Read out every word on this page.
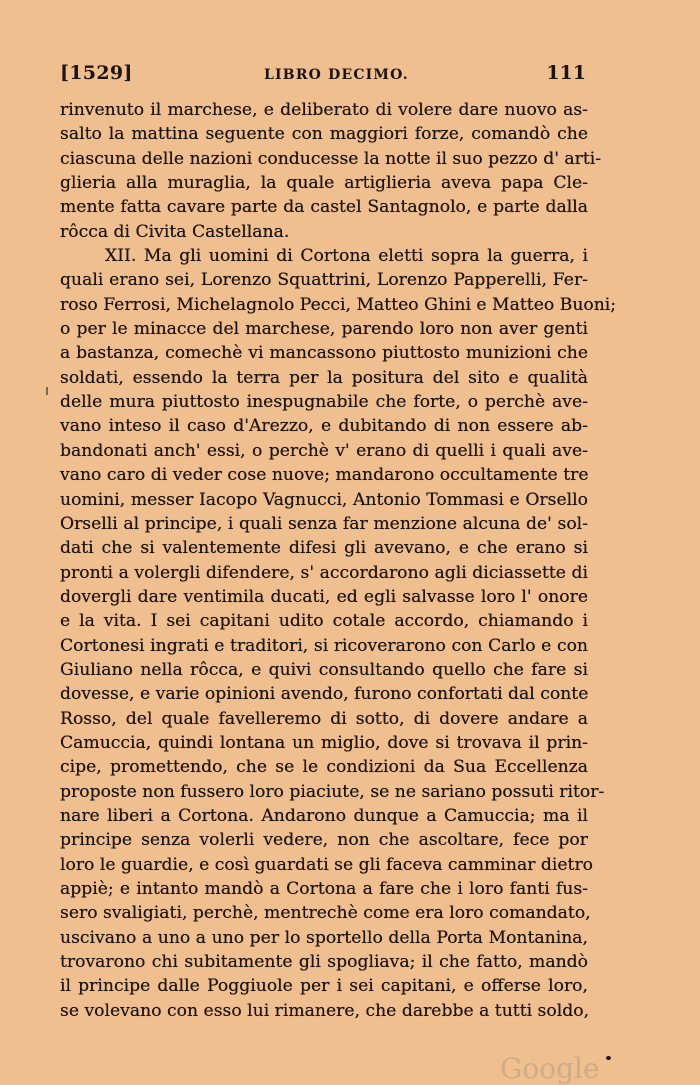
[1529]	LIBRO DECIMO.	111
rinvenuto il marchese, e deliberato di volere dare nuovo as-
salto la mattina seguente con maggiori forze, comandò che
ciascuna delle nazioni conducesse la notte il suo pezzo d' arti-
glieria alla muraglia, la quale artiglieria aveva papa Cle-
mente fatta cavare parte da castel Santagnolo, e parte dalla
rôcca di Civita Castellana.
XII. Ma gli uomini di Cortona eletti sopra la guerra, i
quali erano sei, Lorenzo Squattrini, Lorenzo Papperelli, Fer-
roso Ferrosi, Michelagnolo Pecci, Matteo Ghini e Matteo Buoni;
o per le minacce del marchese, parendo loro non aver genti
a bastanza, comechè vi mancassono piuttosto munizioni che
soldati, essendo la terra per la positura del sito e qualità
delle mura piuttosto inespugnabile che forte, o perchè ave-
vano inteso il caso d'Arezzo, e dubitando di non essere ab-
bandonati anch' essi, o perchè v' erano di quelli i quali ave-
vano caro di veder cose nuove; mandarono occultamente tre
uomini, messer Iacopo Vagnucci, Antonio Tommasi e Orsello
Orselli al principe, i quali senza far menzione alcuna de' sol-
dati che si valentemente difesi gli avevano, e che erano si
pronti a volergli difendere, s' accordarono agli diciassette di
dovergli dare ventimila ducati, ed egli salvasse loro l' onore
e la vita. I sei capitani udito cotale accordo, chiamando i
Cortonesi ingrati e traditori, si ricoverarono con Carlo e con
Giuliano nella rôcca, e quivi consultando quello che fare si
dovesse, e varie opinioni avendo, furono confortati dal conte
Rosso, del quale favelleremo di sotto, di dovere andare a
Camuccia, quindi lontana un miglio, dove si trovava il prin-
cipe, promettendo, che se le condizioni da Sua Eccellenza
proposte non fussero loro piaciute, se ne sariano possuti ritor-
nare liberi a Cortona. Andarono dunque a Camuccia; ma il
principe senza volerli vedere, non che ascoltare, fece por
loro le guardie, e così guardati se gli faceva camminar dietro
appiè; e intanto mandò a Cortona a fare che i loro fanti fus-
sero svaligiati, perchè, mentrechè come era loro comandato,
uscivano a uno a uno per lo sportello della Porta Montanina,
trovarono chi subitamente gli spogliava; il che fatto, mandò
il principe dalle Poggiuole per i sei capitani, e offerse loro,
se volevano con esso lui rimanere, che darebbe a tutti soldo,
Google
